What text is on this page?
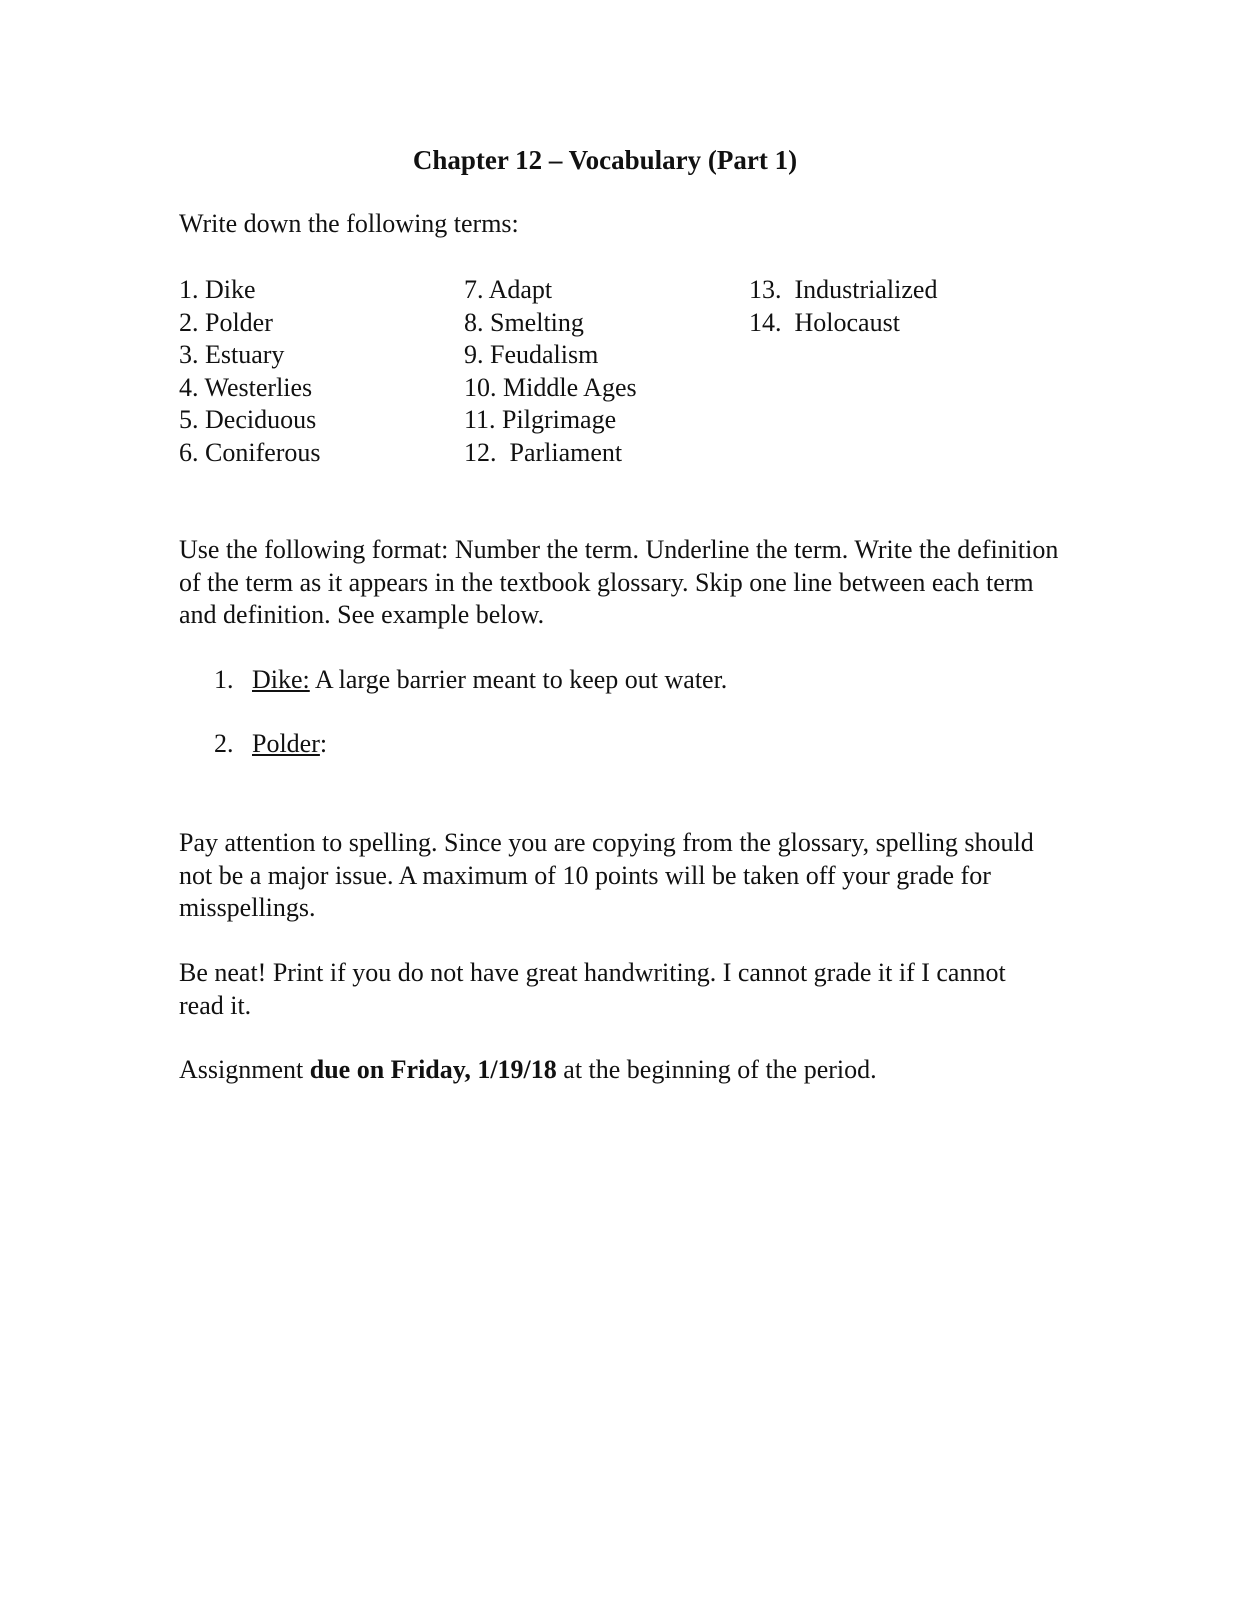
Chapter 12 – Vocabulary (Part 1)
Write down the following terms:
1. Dike
2. Polder
3. Estuary
4. Westerlies
5. Deciduous
6. Coniferous
7. Adapt
8. Smelting
9. Feudalism
10. Middle Ages
11. Pilgrimage
12.  Parliament
13.  Industrialized
14.  Holocaust
Use the following format: Number the term. Underline the term. Write the definition of the term as it appears in the textbook glossary. Skip one line between each term and definition. See example below.
1. Dike: A large barrier meant to keep out water.
2. Polder:
Pay attention to spelling. Since you are copying from the glossary, spelling should not be a major issue. A maximum of 10 points will be taken off your grade for misspellings.
Be neat! Print if you do not have great handwriting. I cannot grade it if I cannot read it.
Assignment due on Friday, 1/19/18 at the beginning of the period.
